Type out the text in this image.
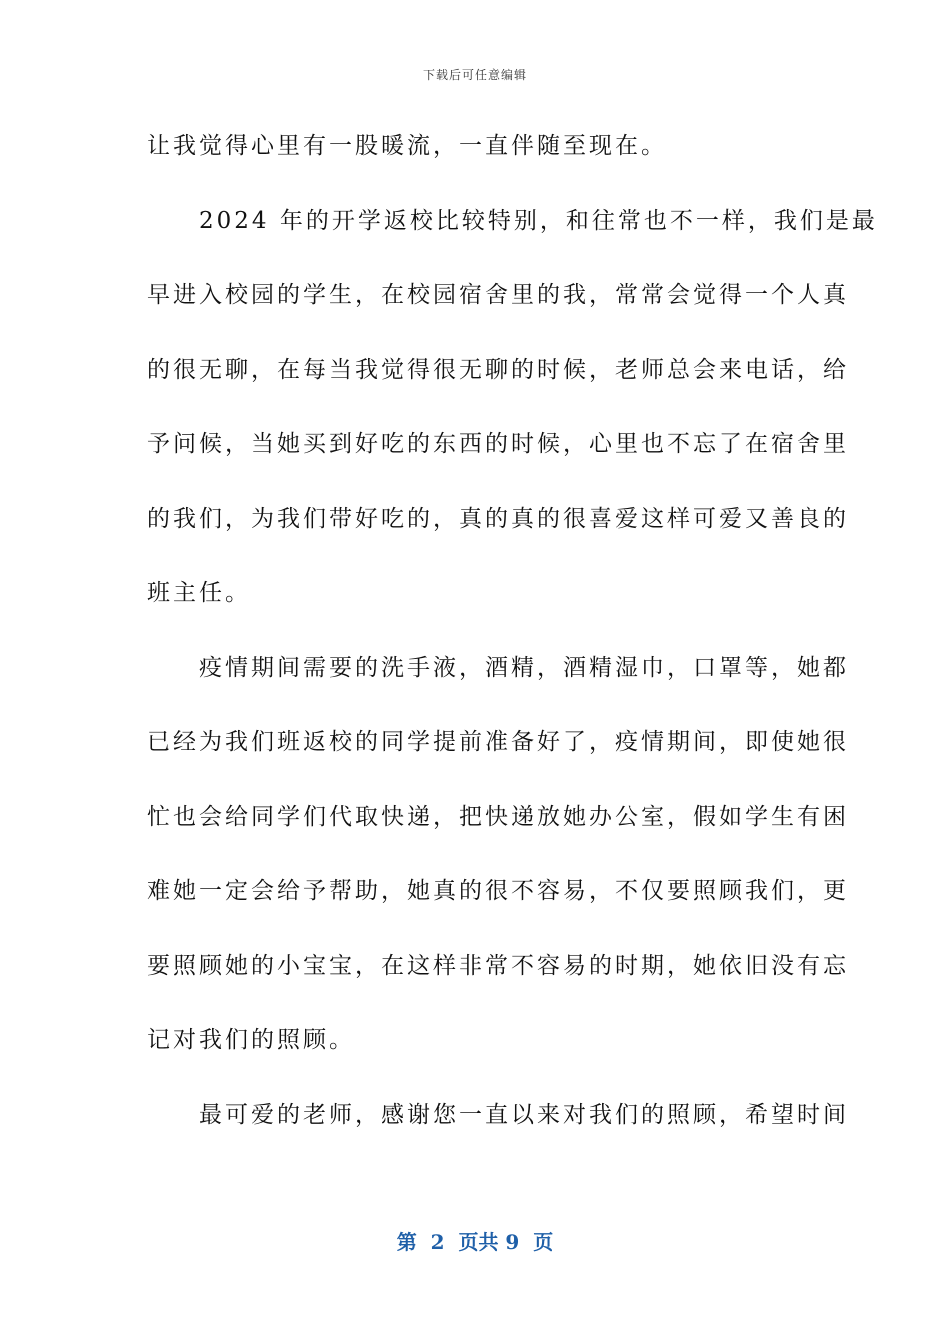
下载后可任意编辑
让我觉得心里有一股暖流，一直伴随至现在。
　　2024 年的开学返校比较特别，和往常也不一样，我们是最
早进入校园的学生，在校园宿舍里的我，常常会觉得一个人真
的很无聊，在每当我觉得很无聊的时候，老师总会来电话，给
予问候，当她买到好吃的东西的时候，心里也不忘了在宿舍里
的我们，为我们带好吃的，真的真的很喜爱这样可爱又善良的
班主任。
　　疫情期间需要的洗手液，酒精，酒精湿巾，口罩等，她都
已经为我们班返校的同学提前准备好了，疫情期间，即使她很
忙也会给同学们代取快递，把快递放她办公室，假如学生有困
难她一定会给予帮助，她真的很不容易，不仅要照顾我们，更
要照顾她的小宝宝，在这样非常不容易的时期，她依旧没有忘
记对我们的照顾。
　　最可爱的老师，感谢您一直以来对我们的照顾，希望时间
第  2  页共 9  页
